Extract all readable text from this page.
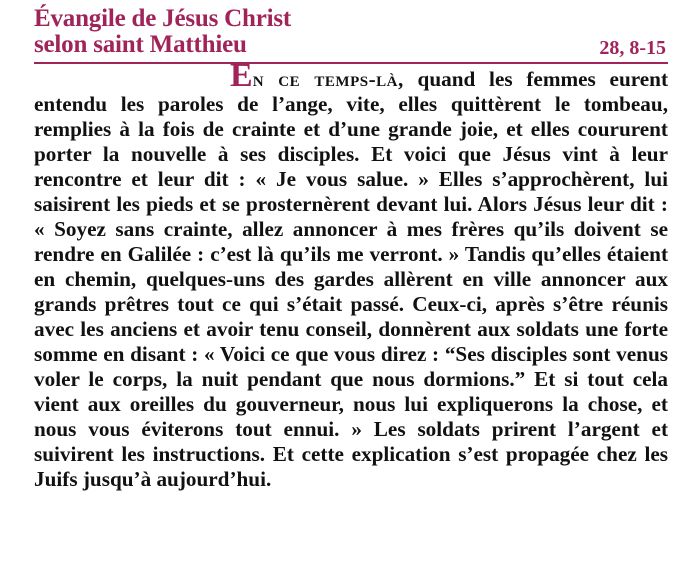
Évangile de Jésus Christ
selon saint Matthieu	28, 8-15

En ce temps-là, quand les femmes eurent entendu les paroles de l’ange, vite, elles quittèrent le tombeau, remplies à la fois de crainte et d’une grande joie, et elles coururent porter la nouvelle à ses disciples. Et voici que Jésus vint à leur rencontre et leur dit : « Je vous salue. » Elles s’approchèrent, lui saisirent les pieds et se prosternèrent devant lui. Alors Jésus leur dit : « Soyez sans crainte, allez annoncer à mes frères qu’ils doivent se rendre en Galilée : c’est là qu’ils me verront. » Tandis qu’elles étaient en chemin, quelques-uns des gardes allèrent en ville annoncer aux grands prêtres tout ce qui s’était passé. Ceux-ci, après s’être réunis avec les anciens et avoir tenu conseil, donnèrent aux soldats une forte somme en disant : « Voici ce que vous direz : “Ses disciples sont venus voler le corps, la nuit pendant que nous dormions.” Et si tout cela vient aux oreilles du gouverneur, nous lui expliquerons la chose, et nous vous éviterons tout ennui. » Les soldats prirent l’argent et suivirent les instructions. Et cette explication s’est propagée chez les Juifs jusqu’à aujourd’hui.
